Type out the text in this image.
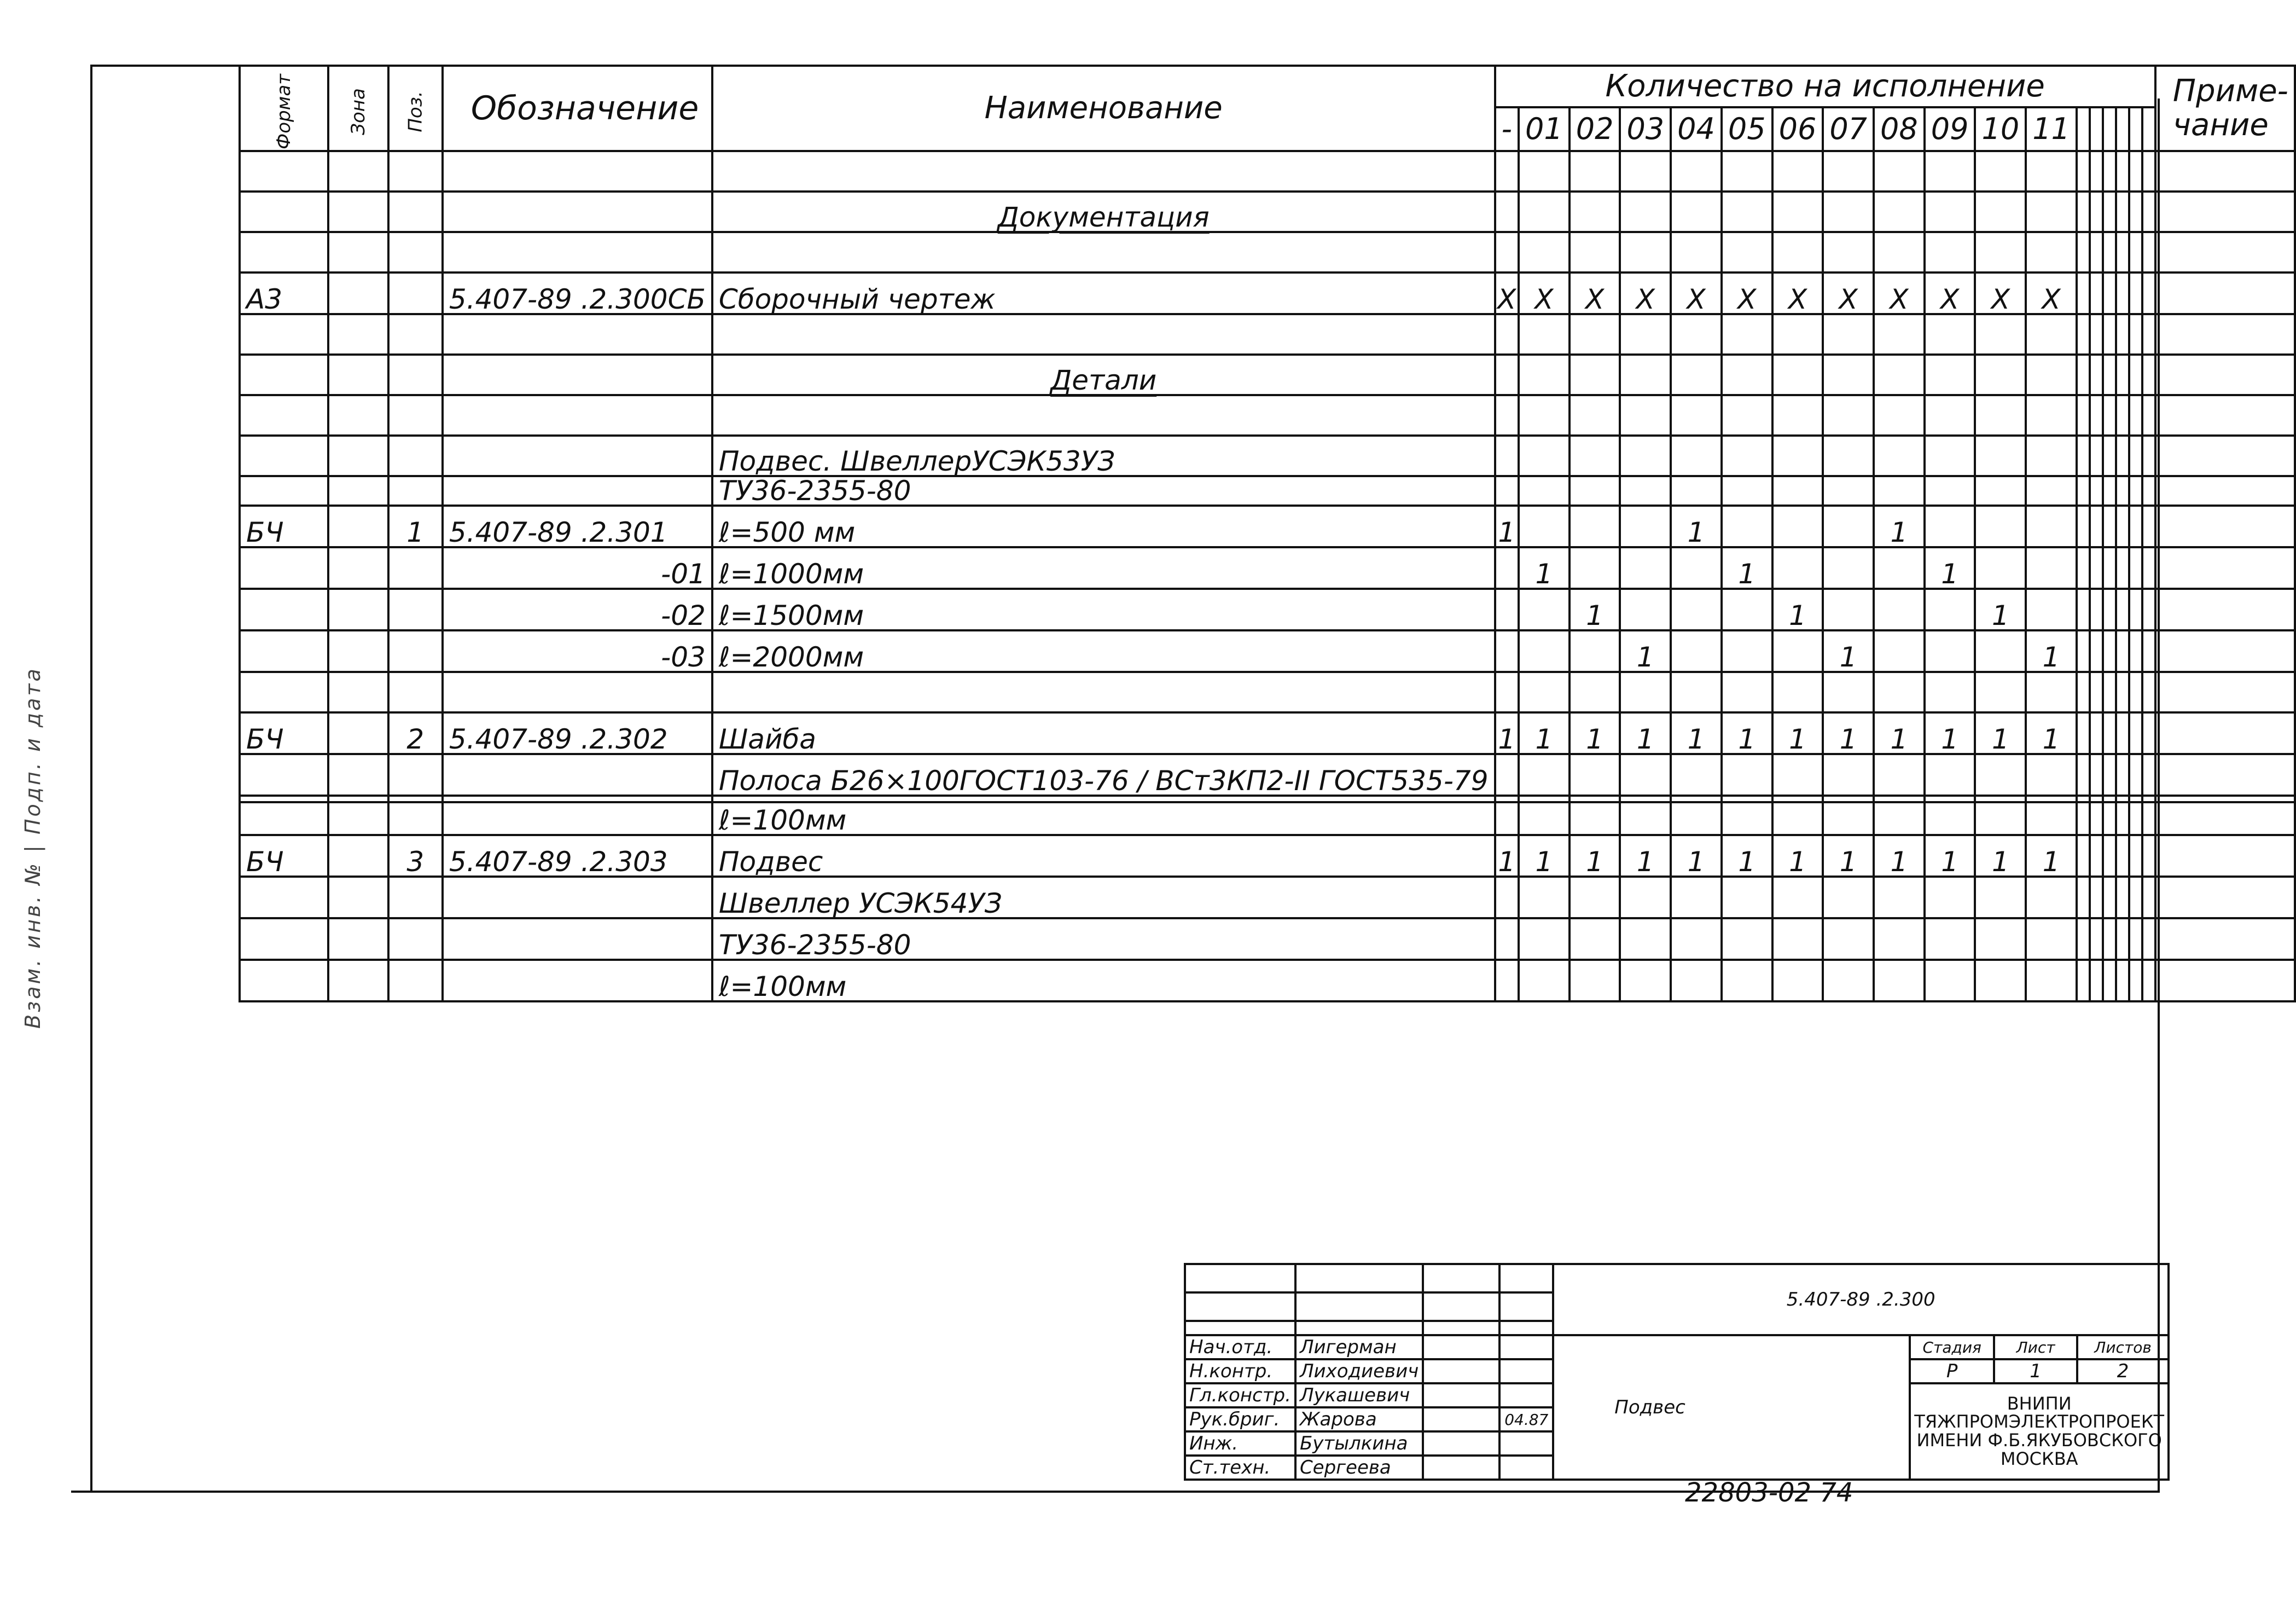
Формат	Зона	Поз.	Обозначение	Наименование	Количество на исполнение																		Приме-
чание

					-	01	02	03	04	05	06	07	08	09	10	11							

				Документация																			

А3			5.407-89 .2.300СБ	Сборочный чертеж	X	X	X	X	X	X	X	X	X	X	X	X							

				Детали																			

				Подвес. ШвеллерУСЭК53УЗ																			
				ТУ36-2355-80																			
БЧ		1	5.407-89 .2.301	ℓ=500 мм	1				1				1										
			-01	ℓ=1000мм		1				1				1									
			-02	ℓ=1500мм			1				1				1								
			-03	ℓ=2000мм				1				1				1							

БЧ		2	5.407-89 .2.302	Шайба	1	1	1	1	1	1	1	1	1	1	1	1							
				Полоса Б26×100ГОСТ103-76 / ВСт3КП2-II ГОСТ535-79																			

				ℓ=100мм																			
БЧ		3	5.407-89 .2.303	Подвес	1	1	1	1	1	1	1	1	1	1	1	1							
				Швеллер УСЭК54УЗ																			
				ТУ36-2355-80																			
				ℓ=100мм																			
				5.407-89 .2.300			

Нач.отд.	Лигерман			Подвес	Стадия	Лист	Листов
Н.контр.	Лиходиевич				Р	1	2
Гл.констр.	Лукашевич				ВНИПИ
ТЯЖПРОМЭЛЕКТРОПРОЕКТ
ИМЕНИ Ф.Б.ЯКУБОВСКОГО
МОСКВА		

Рук.бриг.	Жарова		04.87				
Инж.	Бутылкина						
Ст.техн.	Сергеева						
22803-02 74
Взам. инв. № | Подп. и дата
